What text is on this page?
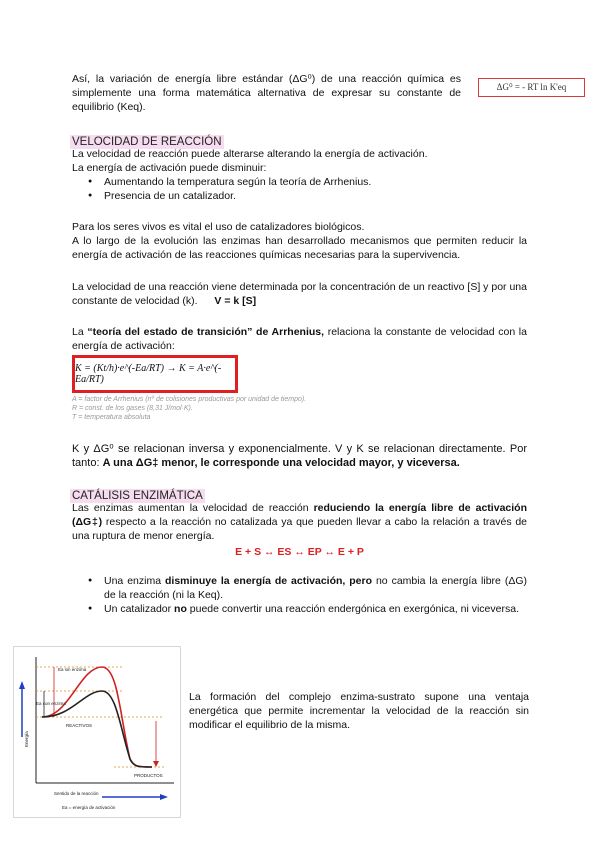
Así, la variación de energía libre estándar (ΔG⁰) de una reacción química es simplemente una forma matemática alternativa de expresar su constante de equilibrio (Keq).
ΔG⁰ = - RT ln K'eq
VELOCIDAD DE REACCIÓN
La velocidad de reacción puede alterarse alterando la energía de activación.
La energía de activación puede disminuir:
● Aumentando la temperatura según la teoría de Arrhenius.
● Presencia de un catalizador.
Para los seres vivos es vital el uso de catalizadores biológicos.
A lo largo de la evolución las enzimas han desarrollado mecanismos que permiten reducir la energía de activación de las reacciones químicas necesarias para la supervivencia.
La velocidad de una reacción viene determinada por la concentración de un reactivo [S] y por una constante de velocidad (k). V = k [S]
La “teoría del estado de transición” de Arrhenius, relaciona la constante de velocidad con la energía de activación:
K = (Kt/h)·e^(-Ea/RT) → K = A·e^(-Ea/RT)
A = factor de Arrhenius (nº de colisiones productivas por unidad de tiempo).
R = const. de los gases (8,31 J/mol·K).
T = temperatura absoluta
K y ΔG⁰ se relacionan inversa y exponencialmente. V y K se relacionan directamente. Por tanto: A una ΔG‡ menor, le corresponde una velocidad mayor, y viceversa.
CATÁLISIS ENZIMÁTICA
Las enzimas aumentan la velocidad de reacción reduciendo la energía libre de activación (ΔG‡) respecto a la reacción no catalizada ya que pueden llevar a cabo la relación a través de una ruptura de menor energía.
E + S ↔ ES ↔ EP ↔ E + P
● Una enzima disminuye la energía de activación, pero no cambia la energía libre (ΔG) de la reacción (ni la Keq).
● Un catalizador no puede convertir una reacción endergónica en exergónica, ni viceversa.
Ea sin enzima
Ea con enzima
REACTIVOS
PRODUCTOS
Energía
Sentido de la reacción
Ea = energía de activación
La formación del complejo enzima-sustrato supone una ventaja energética que permite incrementar la velocidad de la reacción sin modificar el equilibrio de la misma.
